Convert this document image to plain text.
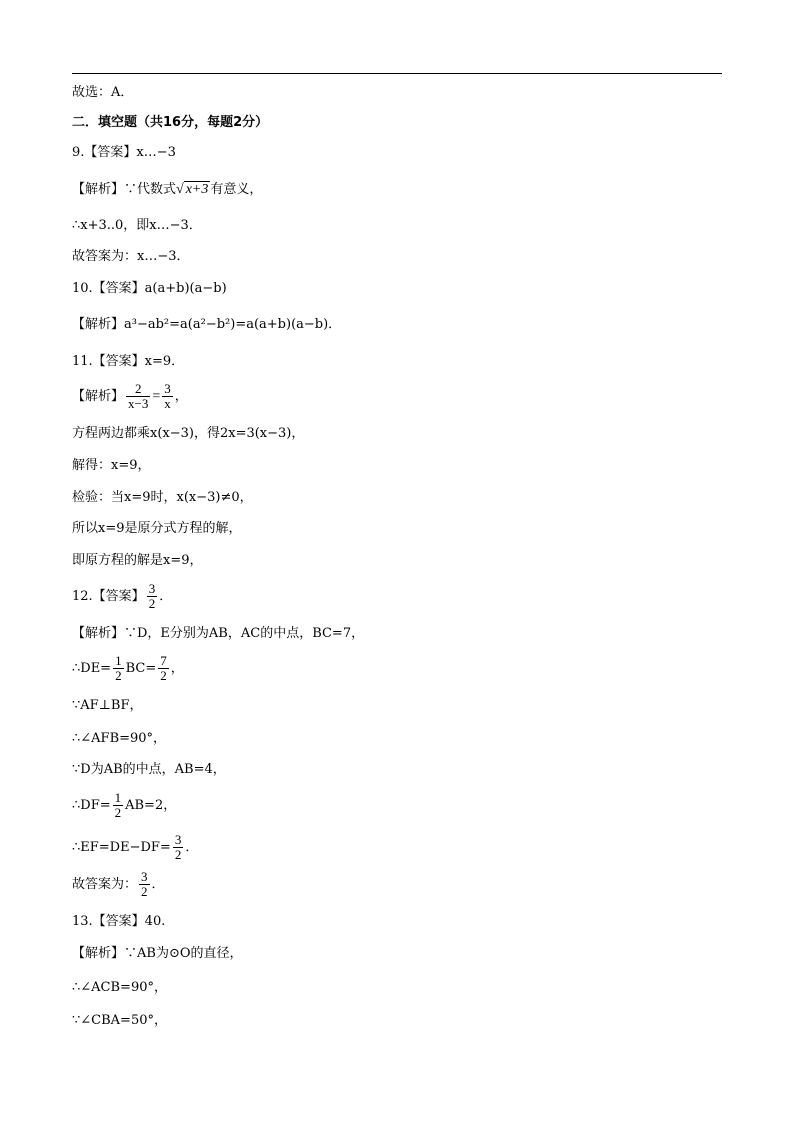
故选：A．
二．填空题（共16分，每题2分）
9.【答案】x…−3
【解析】∵代数式√ x+3 有意义，
∴x+3..0，即x…−3．
故答案为：x…−3．
10.【答案】a(a+b)(a−b)
【解析】a³−ab²=a(a²−b²)=a(a+b)(a−b)．
11.【答案】x=9．
【解析】 $\frac{2}{x-3} = \frac{3}{x}$ ，
方程两边都乘x(x−3)，得2x=3(x−3)，
解得：x=9，
检验：当x=9时，x(x−3)≠0，
所以x=9是原分式方程的解，
即原方程的解是x=9，
12.【答案】 $\frac{3}{2}$ ．
【解析】∵D，E分别为AB，AC的中点，BC=7，
∴DE= $\frac{1}{2} BC= \frac{7}{2}$ ，
∵AF⊥BF，
∴∠AFB=90°，
∵D为AB的中点，AB=4，
∴DF= $\frac{1}{2} AB=2$，
∴EF=DE−DF= $\frac{3}{2}$ ．
故答案为： $\frac{3}{2}$ ．
13.【答案】40.
【解析】∵AB为⊙O的直径，
∴∠ACB=90°，
∵∠CBA=50°，
